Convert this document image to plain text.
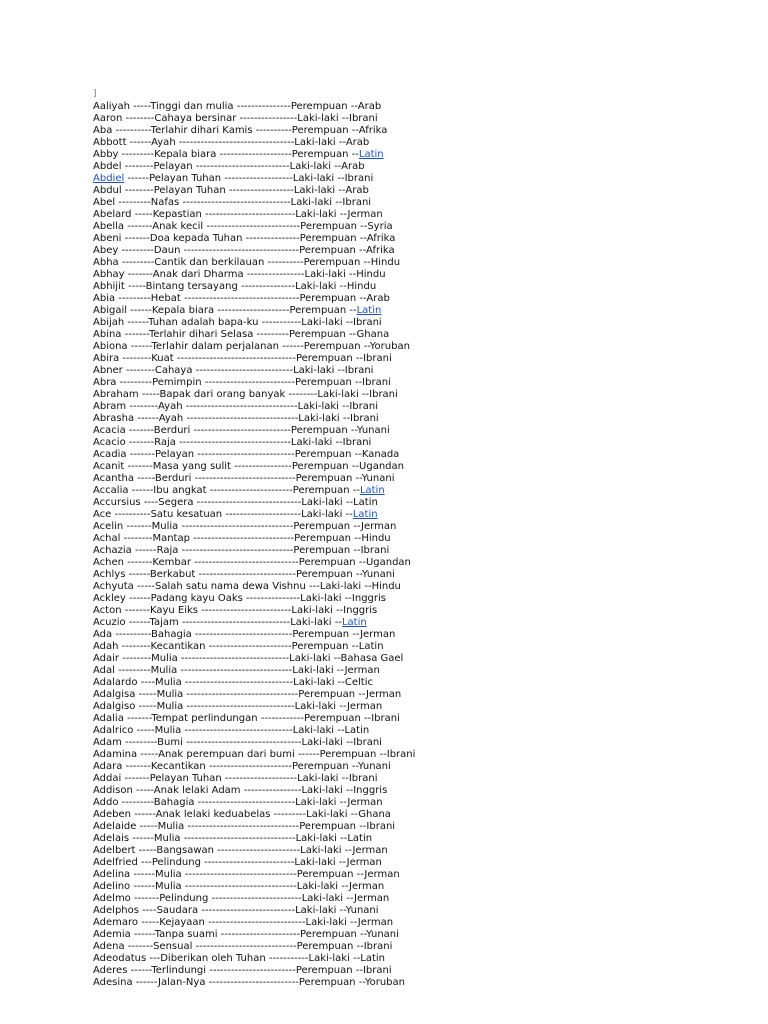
]
Aaliyah -----Tinggi dan mulia ---------------Perempuan --Arab
Aaron --------Cahaya bersinar ----------------Laki-laki --Ibrani
Aba ----------Terlahir dihari Kamis ----------Perempuan --Afrika
Abbott ------Ayah --------------------------------Laki-laki --Arab
Abby ---------Kepala biara --------------------Perempuan --Latin
Abdel --------Pelayan --------------------------Laki-laki --Arab
Abdiel ------Pelayan Tuhan -------------------Laki-laki --Ibrani
Abdul --------Pelayan Tuhan ------------------Laki-laki --Arab
Abel ---------Nafas ------------------------------Laki-laki --Ibrani
Abelard -----Kepastian -------------------------Laki-laki --Jerman
Abella -------Anak kecil --------------------------Perempuan --Syria
Abeni -------Doa kepada Tuhan ---------------Perempuan --Afrika
Abey ---------Daun --------------------------------Perempuan --Afrika
Abha ---------Cantik dan berkilauan ----------Perempuan --Hindu
Abhay -------Anak dari Dharma ----------------Laki-laki --Hindu
Abhijit -----Bintang tersayang ---------------Laki-laki --Hindu
Abia ---------Hebat --------------------------------Perempuan --Arab
Abigail ------Kepala biara --------------------Perempuan --Latin
Abijah ------Tuhan adalah bapa-ku -----------Laki-laki --Ibrani
Abina -------Terlahir dihari Selasa ---------Perempuan --Ghana
Abiona ------Terlahir dalam perjalanan ------Perempuan --Yoruban
Abira --------Kuat ---------------------------------Perempuan --Ibrani
Abner --------Cahaya ---------------------------Laki-laki --Ibrani
Abra ---------Pemimpin -------------------------Perempuan --Ibrani
Abraham -----Bapak dari orang banyak --------Laki-laki --Ibrani
Abram --------Ayah -------------------------------Laki-laki --Ibrani
Abrasha ------Ayah -------------------------------Laki-laki --Ibrani
Acacia -------Berduri ---------------------------Perempuan --Yunani
Acacio -------Raja -------------------------------Laki-laki --Ibrani
Acadia -------Pelayan ---------------------------Perempuan --Kanada
Acanit -------Masa yang sulit ----------------Perempuan --Ugandan
Acantha -----Berduri ----------------------------Perempuan --Yunani
Accalia ------Ibu angkat -----------------------Perempuan --Latin
Accursius ----Segera -----------------------------Laki-laki --Latin
Ace ----------Satu kesatuan ---------------------Laki-laki --Latin
Acelin -------Mulia -------------------------------Perempuan --Jerman
Achal --------Mantap ----------------------------Perempuan --Hindu
Achazia ------Raja -------------------------------Perempuan --Ibrani
Achen -------Kembar -----------------------------Perempuan --Ugandan
Achlys ------Berkabut ---------------------------Perempuan --Yunani
Achyuta -----Salah satu nama dewa Vishnu ---Laki-laki --Hindu
Ackley ------Padang kayu Oaks ---------------Laki-laki --Inggris
Acton -------Kayu Eiks -------------------------Laki-laki --Inggris
Acuzio ------Tajam ------------------------------Laki-laki --Latin
Ada ----------Bahagia ---------------------------Perempuan --Jerman
Adah --------Kecantikan -----------------------Perempuan --Latin
Adair --------Mulia ------------------------------Laki-laki --Bahasa Gael
Adal ---------Mulia -------------------------------Laki-laki --Jerman
Adalardo ----Mulia ------------------------------Laki-laki --Celtic
Adalgisa -----Mulia -------------------------------Perempuan --Jerman
Adalgiso -----Mulia ------------------------------Laki-laki --Jerman
Adalia -------Tempat perlindungan ------------Perempuan --Ibrani
Adalrico -----Mulia ------------------------------Laki-laki --Latin
Adam ---------Bumi --------------------------------Laki-laki --Ibrani
Adamina -----Anak perempuan dari bumi ------Perempuan --Ibrani
Adara -------Kecantikan -----------------------Perempuan --Yunani
Addai -------Pelayan Tuhan --------------------Laki-laki --Ibrani
Addison -----Anak lelaki Adam ----------------Laki-laki --Inggris
Addo ---------Bahagia ---------------------------Laki-laki --Jerman
Adeben ------Anak lelaki keduabelas ---------Laki-laki --Ghana
Adelaide -----Mulia -------------------------------Perempuan --Ibrani
Adelais ------Mulia -------------------------------Laki-laki --Latin
Adelbert -----Bangsawan -----------------------Laki-laki --Jerman
Adelfried ---Pelindung -------------------------Laki-laki --Jerman
Adelina ------Mulia -------------------------------Perempuan --Jerman
Adelino ------Mulia -------------------------------Laki-laki --Jerman
Adelmo -------Pelindung -------------------------Laki-laki --Jerman
Adelphos ----Saudara --------------------------Laki-laki --Yunani
Ademaro -----Kejayaan ---------------------------Laki-laki --Jerman
Ademia ------Tanpa suami ----------------------Perempuan --Yunani
Adena -------Sensual ----------------------------Perempuan --Ibrani
Adeodatus ---Diberikan oleh Tuhan -----------Laki-laki --Latin
Aderes ------Terlindungi ------------------------Perempuan --Ibrani
Adesina ------Jalan-Nya -------------------------Perempuan --Yoruban
